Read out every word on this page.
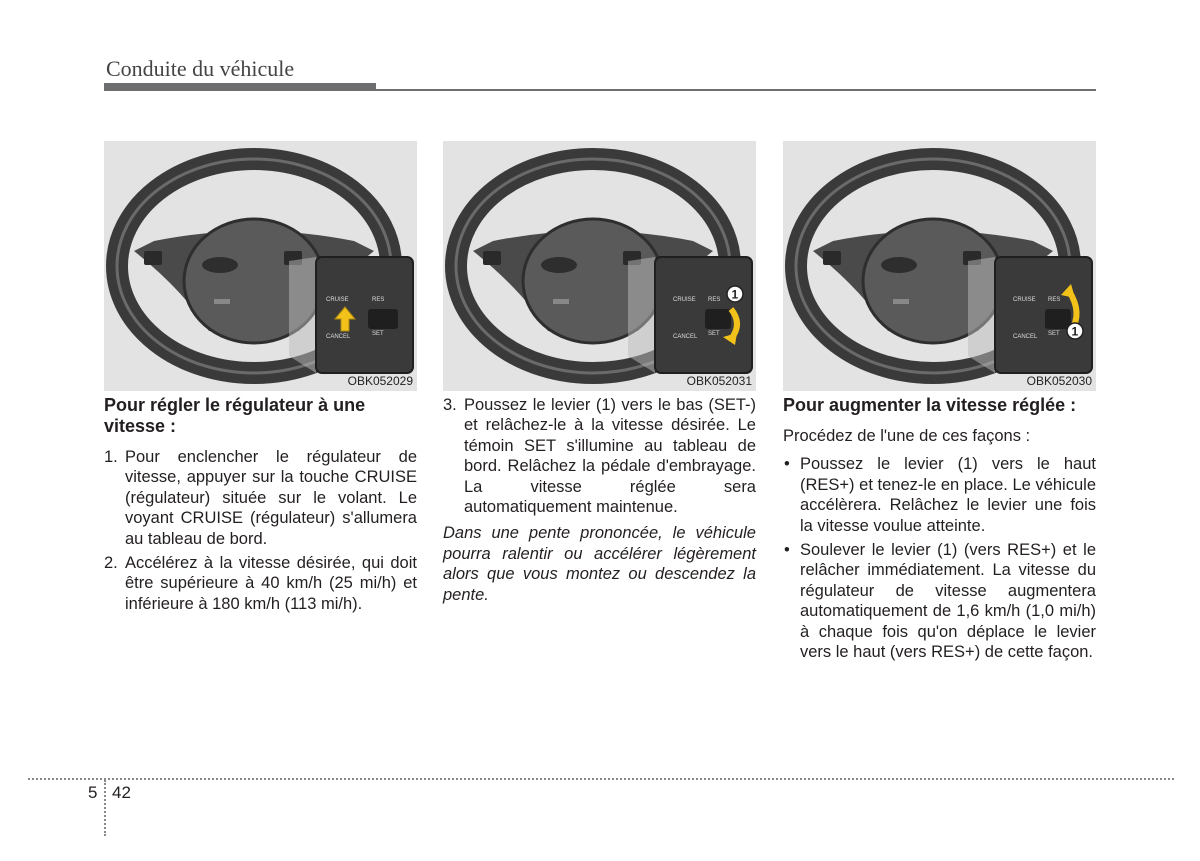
Conduite du véhicule
CRUISE
CANCEL
RES
SET
OBK052029
Pour régler le régulateur à une vitesse :
1. Pour enclencher le régulateur de vitesse, appuyer sur la touche CRUISE (régulateur) située sur le volant. Le voyant CRUISE (régulateur) s'allumera au tableau de bord.
2. Accélérez à la vitesse désirée, qui doit être supérieure à 40 km/h (25 mi/h) et inférieure à 180 km/h (113 mi/h).
CRUISE
CANCEL
RES
SET
1
OBK052031
3. Poussez le levier (1) vers le bas (SET-) et relâchez-le à la vitesse désirée. Le témoin SET s'illumine au tableau de bord. Relâchez la pédale d'embrayage. La vitesse réglée sera automatiquement maintenue.
Dans une pente prononcée, le véhicule pourra ralentir ou accélérer légèrement alors que vous montez ou descendez la pente.
CRUISE
CANCEL
RES
SET 1
OBK052030
Pour augmenter la vitesse réglée :
Procédez de l'une de ces façons :
• Poussez le levier (1) vers le haut (RES+) et tenez-le en place. Le véhicule accélèrera. Relâchez le levier une fois la vitesse voulue atteinte.
• Soulever le levier (1) (vers RES+) et le relâcher immédiatement. La vitesse du régulateur de vitesse augmentera automatiquement de 1,6 km/h (1,0 mi/h) à chaque fois qu'on déplace le levier vers le haut (vers RES+) de cette façon.
5 42
